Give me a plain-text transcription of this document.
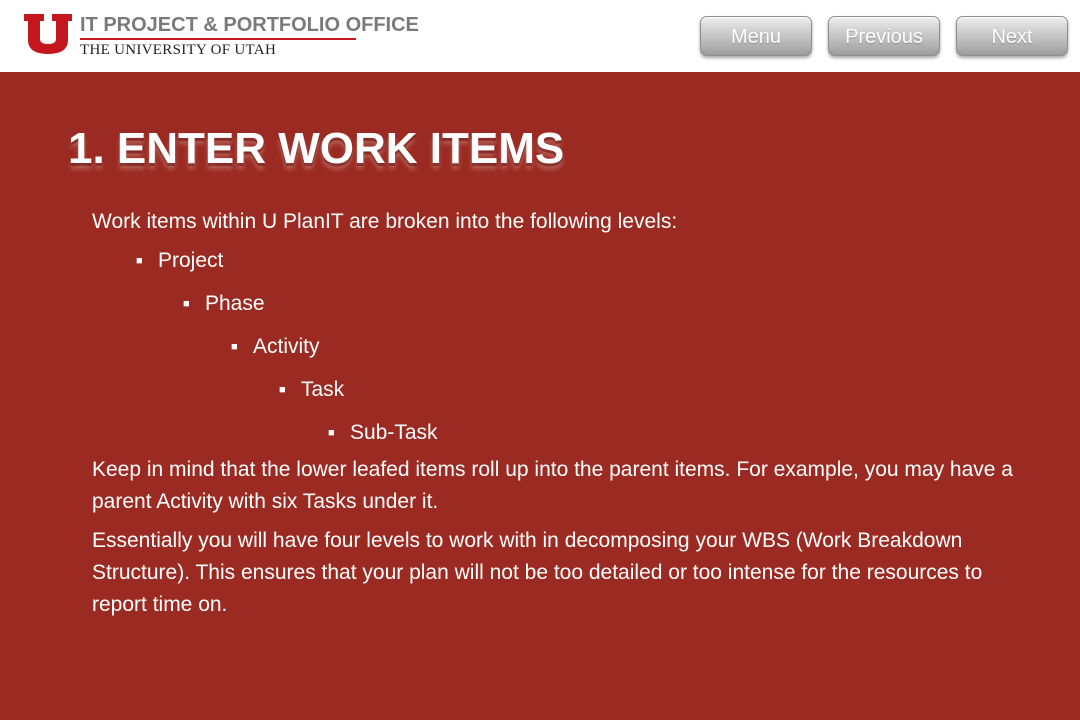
IT PROJECT & PORTFOLIO OFFICE
THE UNIVERSITY OF UTAH
Menu	Previous	Next
1. ENTER WORK ITEMS

Work items within U PlanIT are broken into the following levels:

■ Project
■ Phase
■ Activity
■ Task
■ Sub-Task

Keep in mind that the lower leafed items roll up into the parent items. For example, you may have a parent Activity with six Tasks under it.

Essentially you will have four levels to work with in decomposing your WBS (Work Breakdown Structure). This ensures that your plan will not be too detailed or too intense for the resources to report time on.
